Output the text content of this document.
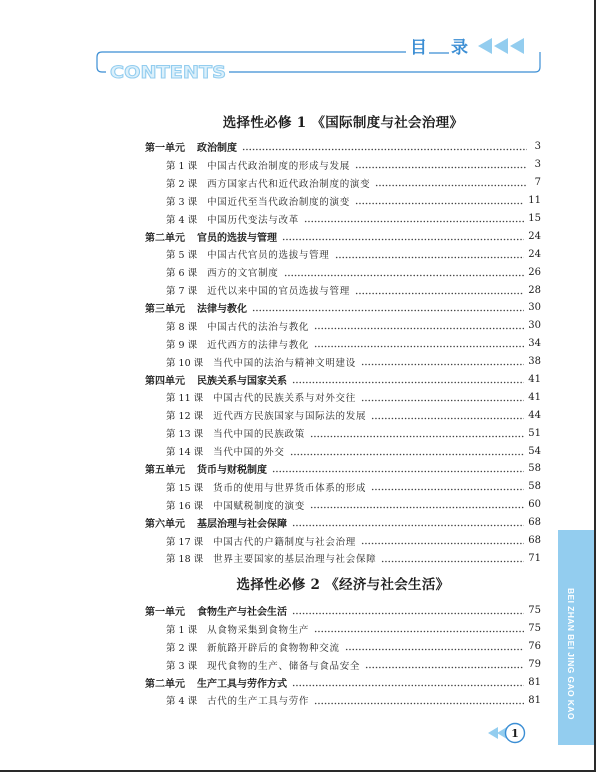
CONTENTS
目 录
选择性必修 1 《国际制度与社会治理》
第一单元 政治制度	3
第 1 课 中国古代政治制度的形成与发展	3
第 2 课 西方国家古代和近代政治制度的演变	7
第 3 课 中国近代至当代政治制度的演变	11
第 4 课 中国历代变法与改革	15
第二单元 官员的选拔与管理	24
第 5 课 中国古代官员的选拔与管理	24
第 6 课 西方的文官制度	26
第 7 课 近代以来中国的官员选拔与管理	28
第三单元 法律与教化	30
第 8 课 中国古代的法治与教化	30
第 9 课 近代西方的法律与教化	34
第 10 课 当代中国的法治与精神文明建设	38
第四单元 民族关系与国家关系	41
第 11 课 中国古代的民族关系与对外交往	41
第 12 课 近代西方民族国家与国际法的发展	44
第 13 课 当代中国的民族政策	51
第 14 课 当代中国的外交	54
第五单元 货币与财税制度	58
第 15 课 货币的使用与世界货币体系的形成	58
第 16 课 中国赋税制度的演变	60
第六单元 基层治理与社会保障	68
第 17 课 中国古代的户籍制度与社会治理	68
第 18 课 世界主要国家的基层治理与社会保障	71
选择性必修 2 《经济与社会生活》
第一单元 食物生产与社会生活	75
第 1 课 从食物采集到食物生产	75
第 2 课 新航路开辟后的食物物种交流	76
第 3 课 现代食物的生产、储备与食品安全	79
第二单元 生产工具与劳作方式	81
第 4 课 古代的生产工具与劳作	81	BEI ZHAN BEI JING GAO KAO
1
